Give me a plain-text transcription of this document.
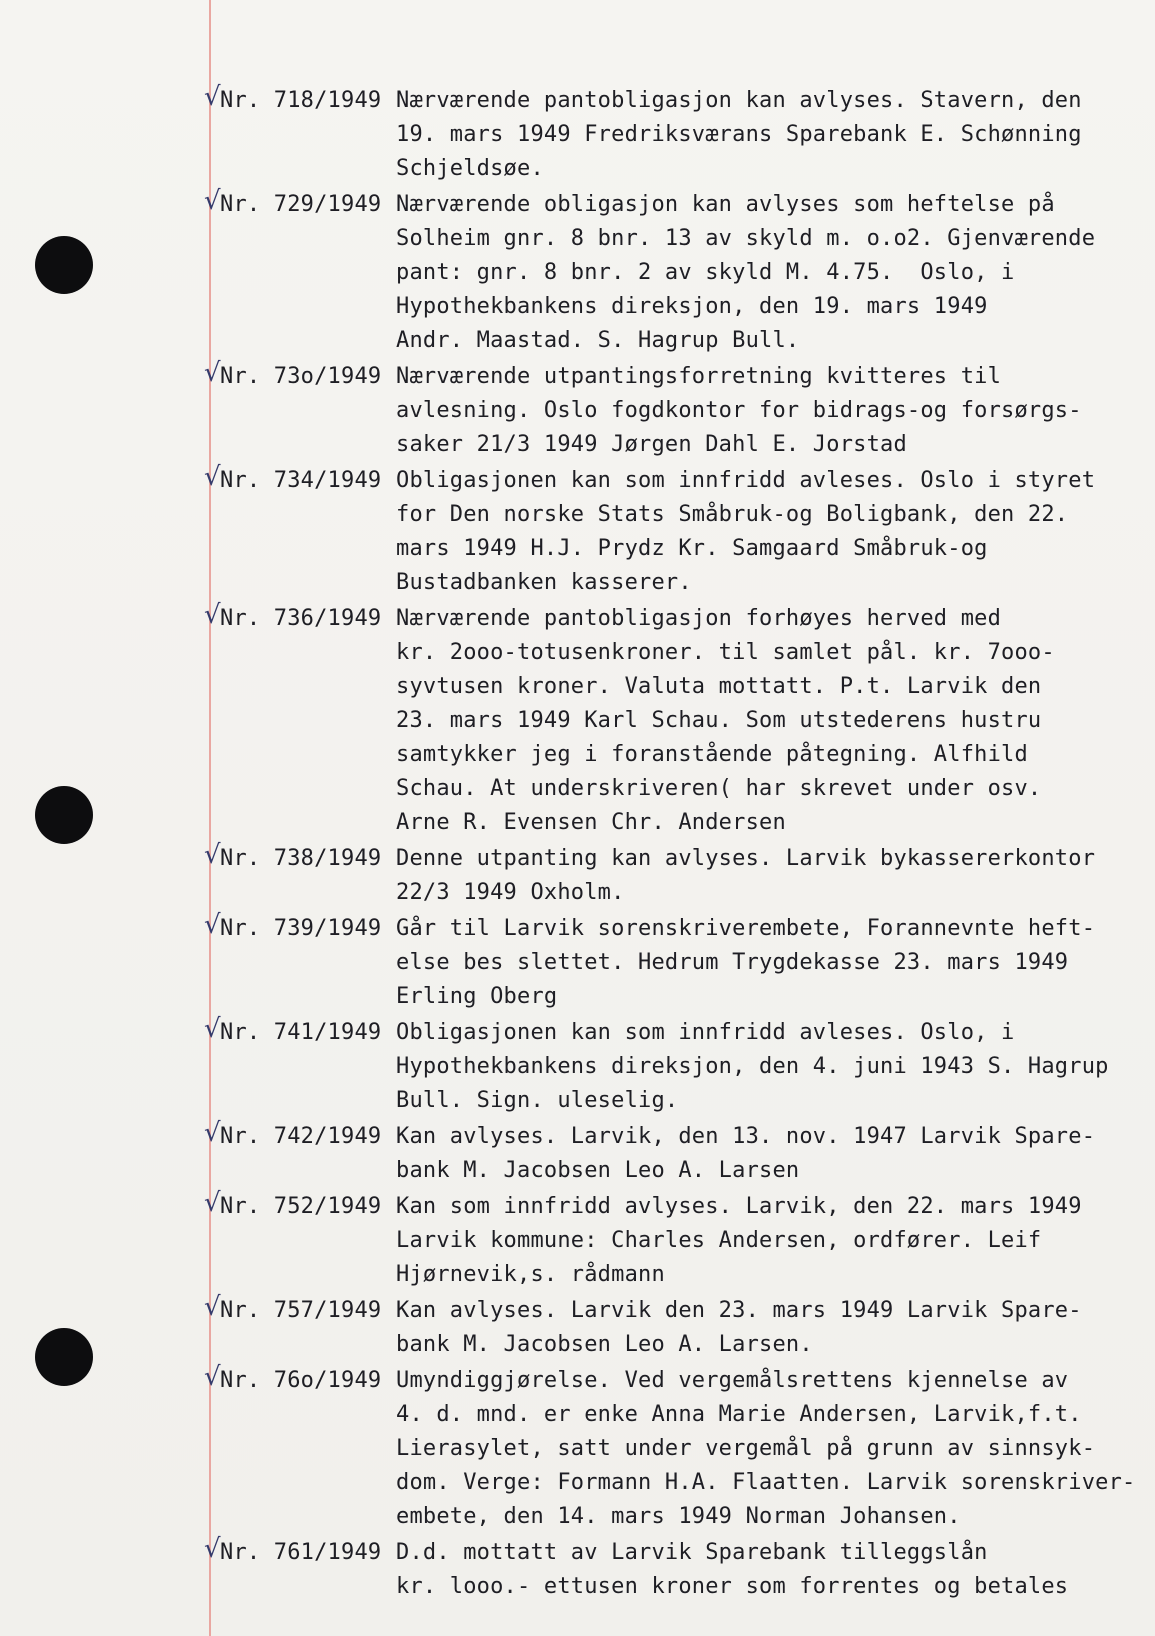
√ Nr. 718/1949 Nærværende pantobligasjon kan avlyses. Stavern, den
19. mars 1949 Fredriksværans Sparebank E. Schønning
Schjeldsøe.
√ Nr. 729/1949 Nærværende obligasjon kan avlyses som heftelse på
Solheim gnr. 8 bnr. 13 av skyld m. o.o2. Gjenværende
pant: gnr. 8 bnr. 2 av skyld M. 4.75.  Oslo, i
Hypothekbankens direksjon, den 19. mars 1949
Andr. Maastad. S. Hagrup Bull.
√ Nr. 73o/1949 Nærværende utpantingsforretning kvitteres til
avlesning. Oslo fogdkontor for bidrags-og forsørgs-
saker 21/3 1949 Jørgen Dahl E. Jorstad
√ Nr. 734/1949 Obligasjonen kan som innfridd avleses. Oslo i styret
for Den norske Stats Småbruk-og Boligbank, den 22.
mars 1949 H.J. Prydz Kr. Samgaard Småbruk-og
Bustadbanken kasserer.
√ Nr. 736/1949 Nærværende pantobligasjon forhøyes herved med
kr. 2ooo-totusenkroner. til samlet pål. kr. 7ooo-
syvtusen kroner. Valuta mottatt. P.t. Larvik den
23. mars 1949 Karl Schau. Som utstederens hustru
samtykker jeg i foranstående påtegning. Alfhild
Schau. At underskriveren( har skrevet under osv.
Arne R. Evensen Chr. Andersen
√ Nr. 738/1949 Denne utpanting kan avlyses. Larvik bykassererkontor
22/3 1949 Oxholm.
√ Nr. 739/1949 Går til Larvik sorenskriverembete, Forannevnte heft-
else bes slettet. Hedrum Trygdekasse 23. mars 1949
Erling Oberg
√ Nr. 741/1949 Obligasjonen kan som innfridd avleses. Oslo, i
Hypothekbankens direksjon, den 4. juni 1943 S. Hagrup
Bull. Sign. uleselig.
√ Nr. 742/1949 Kan avlyses. Larvik, den 13. nov. 1947 Larvik Spare-
bank M. Jacobsen Leo A. Larsen
√ Nr. 752/1949 Kan som innfridd avlyses. Larvik, den 22. mars 1949
Larvik kommune: Charles Andersen, ordfører. Leif
Hjørnevik,s. rådmann
√ Nr. 757/1949 Kan avlyses. Larvik den 23. mars 1949 Larvik Spare-
bank M. Jacobsen Leo A. Larsen.
√ Nr. 76o/1949 Umyndiggjørelse. Ved vergemålsrettens kjennelse av
4. d. mnd. er enke Anna Marie Andersen, Larvik,f.t.
Lierasylet, satt under vergemål på grunn av sinnsyk-
dom. Verge: Formann H.A. Flaatten. Larvik sorenskriver-
embete, den 14. mars 1949 Norman Johansen.
√ Nr. 761/1949 D.d. mottatt av Larvik Sparebank tilleggslån
kr. looo.- ettusen kroner som forrentes og betales
